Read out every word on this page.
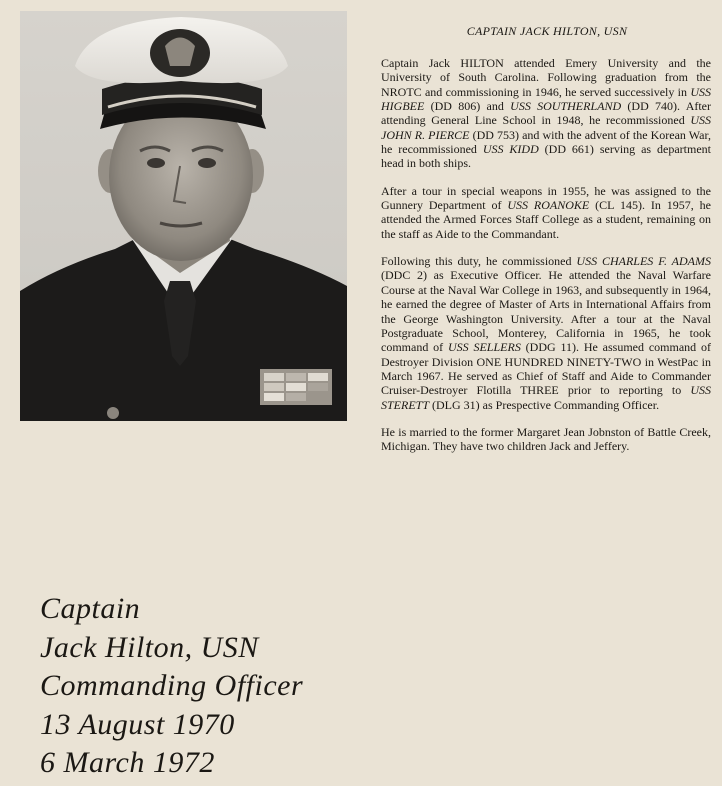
CAPTAIN JACK HILTON, USN

Captain Jack HILTON attended Emery University and the University of South Carolina. Following graduation from the NROTC and commissioning in 1946, he served successively in USS HIGBEE (DD 806) and USS SOUTHERLAND (DD 740). After attending General Line School in 1948, he recommissioned USS JOHN R. PIERCE (DD 753) and with the advent of the Korean War, he recommissioned USS KIDD (DD 661) serving as department head in both ships.

After a tour in special weapons in 1955, he was assigned to the Gunnery Department of USS ROANOKE (CL 145). In 1957, he attended the Armed Forces Staff College as a student, remaining on the staff as Aide to the Commandant.

Following this duty, he commissioned USS CHARLES F. ADAMS (DDC 2) as Executive Officer. He attended the Naval Warfare Course at the Naval War College in 1963, and subsequently in 1964, he earned the degree of Master of Arts in International Affairs from the George Washington University. After a tour at the Naval Postgraduate School, Monterey, California in 1965, he took command of USS SELLERS (DDG 11). He assumed command of Destroyer Division ONE HUNDRED NINETY-TWO in WestPac in March 1967. He served as Chief of Staff and Aide to Commander Cruiser-Destroyer Flotilla THREE prior to reporting to USS STERETT (DLG 31) as Prespective Commanding Officer.

He is married to the former Margaret Jean Jobnston of Battle Creek, Michigan. They have two children Jack and Jeffery.

Captain
Jack Hilton, USN
Commanding Officer
13 August 1970
6 March 1972
